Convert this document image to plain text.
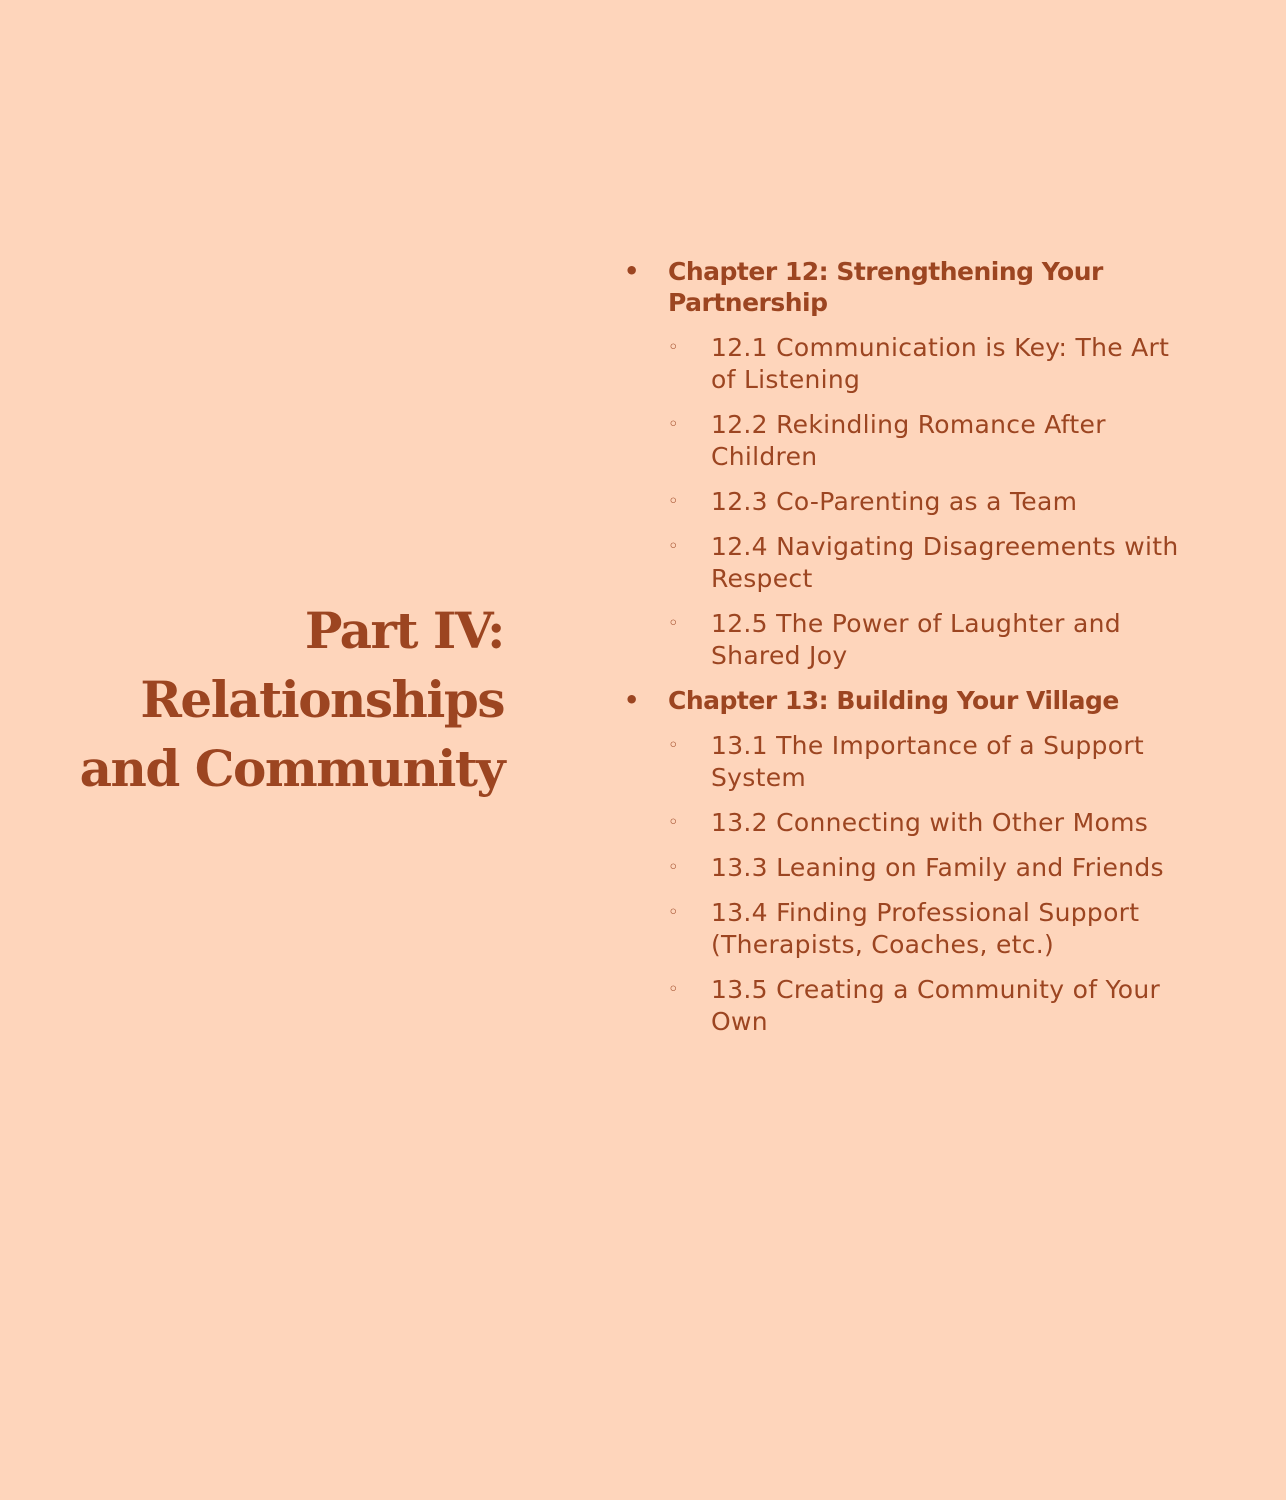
Part IV: Relationships and Community
• Chapter 12: Strengthening Your Partnership
◦ 12.1 Communication is Key: The Art of Listening
◦ 12.2 Rekindling Romance After Children
◦ 12.3 Co-Parenting as a Team
◦ 12.4 Navigating Disagreements with Respect
◦ 12.5 The Power of Laughter and Shared Joy
• Chapter 13: Building Your Village
◦ 13.1 The Importance of a Support System
◦ 13.2 Connecting with Other Moms
◦ 13.3 Leaning on Family and Friends
◦ 13.4 Finding Professional Support (Therapists, Coaches, etc.)
◦ 13.5 Creating a Community of Your Own
